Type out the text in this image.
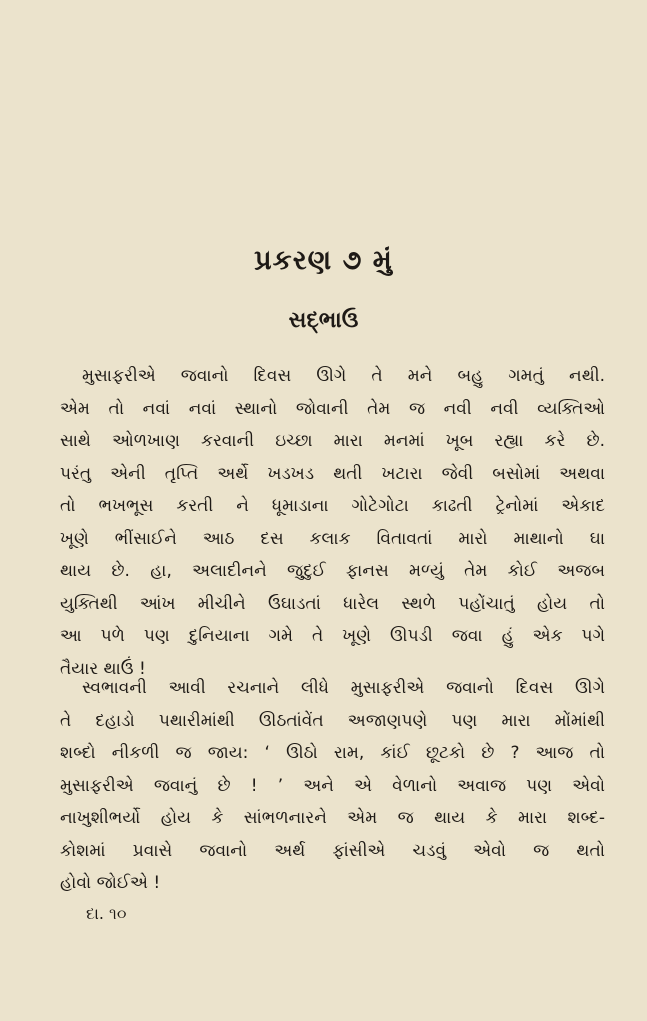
પ્રકરણ ૭ મું
સદ્ભાઉ
મુસાફરીએ જવાનો દિવસ ઊગે તે મને બહુ ગમતું નથી.
એમ તો નવાં નવાં સ્થાનો જોવાની તેમ જ નવી નવી વ્યક્તિઓ
સાથે ઓળખાણ કરવાની ઇચ્છા મારા મનમાં ખૂબ રહ્યા કરે છે.
પરંતુ એની તૃપ્તિ અર્થે ખડખડ થતી ખટારા જેવી બસોમાં અથવા
તો ભખભૂસ કરતી ને ધૂમાડાના ગોટેગોટા કાઢતી ટ્રેનોમાં એકાદ
ખૂણે ભીંસાઈને આઠ દસ કલાક વિતાવતાં મારો માથાનો ઘા
થાય છે. હા, અલાદીનને જુદુઈ ફાનસ મળ્યું તેમ કોઈ અજબ
યુક્તિથી આંખ મીચીને ઉઘાડતાં ધારેલ સ્થળે પહોંચાતું હોય તો
આ પળે પણ દુનિયાના ગમે તે ખૂણે ઊપડી જવા હું એક પગે
તૈયાર થાઉં !
સ્વભાવની આવી રચનાને લીધે મુસાફરીએ જવાનો દિવસ ઊગે
તે દહાડો પથારીમાંથી ઊઠતાંવેંત અજાણપણે પણ મારા મોંમાંથી
શબ્દો નીકળી જ જાય: ‘ ઊઠો રામ, કાંઈ છૂટકો છે ? આજ તો
મુસાફરીએ જવાનું છે ! ’ અને એ વેળાનો અવાજ પણ એવો
નાખુશીભર્યો હોય કે સાંભળનારને એમ જ થાય કે મારા શબ્દ-
કોશમાં પ્રવાસે જવાનો અર્થ ફાંસીએ ચડવું એવો જ થતો
હોવો જોઈએ !
દા. ૧૦
